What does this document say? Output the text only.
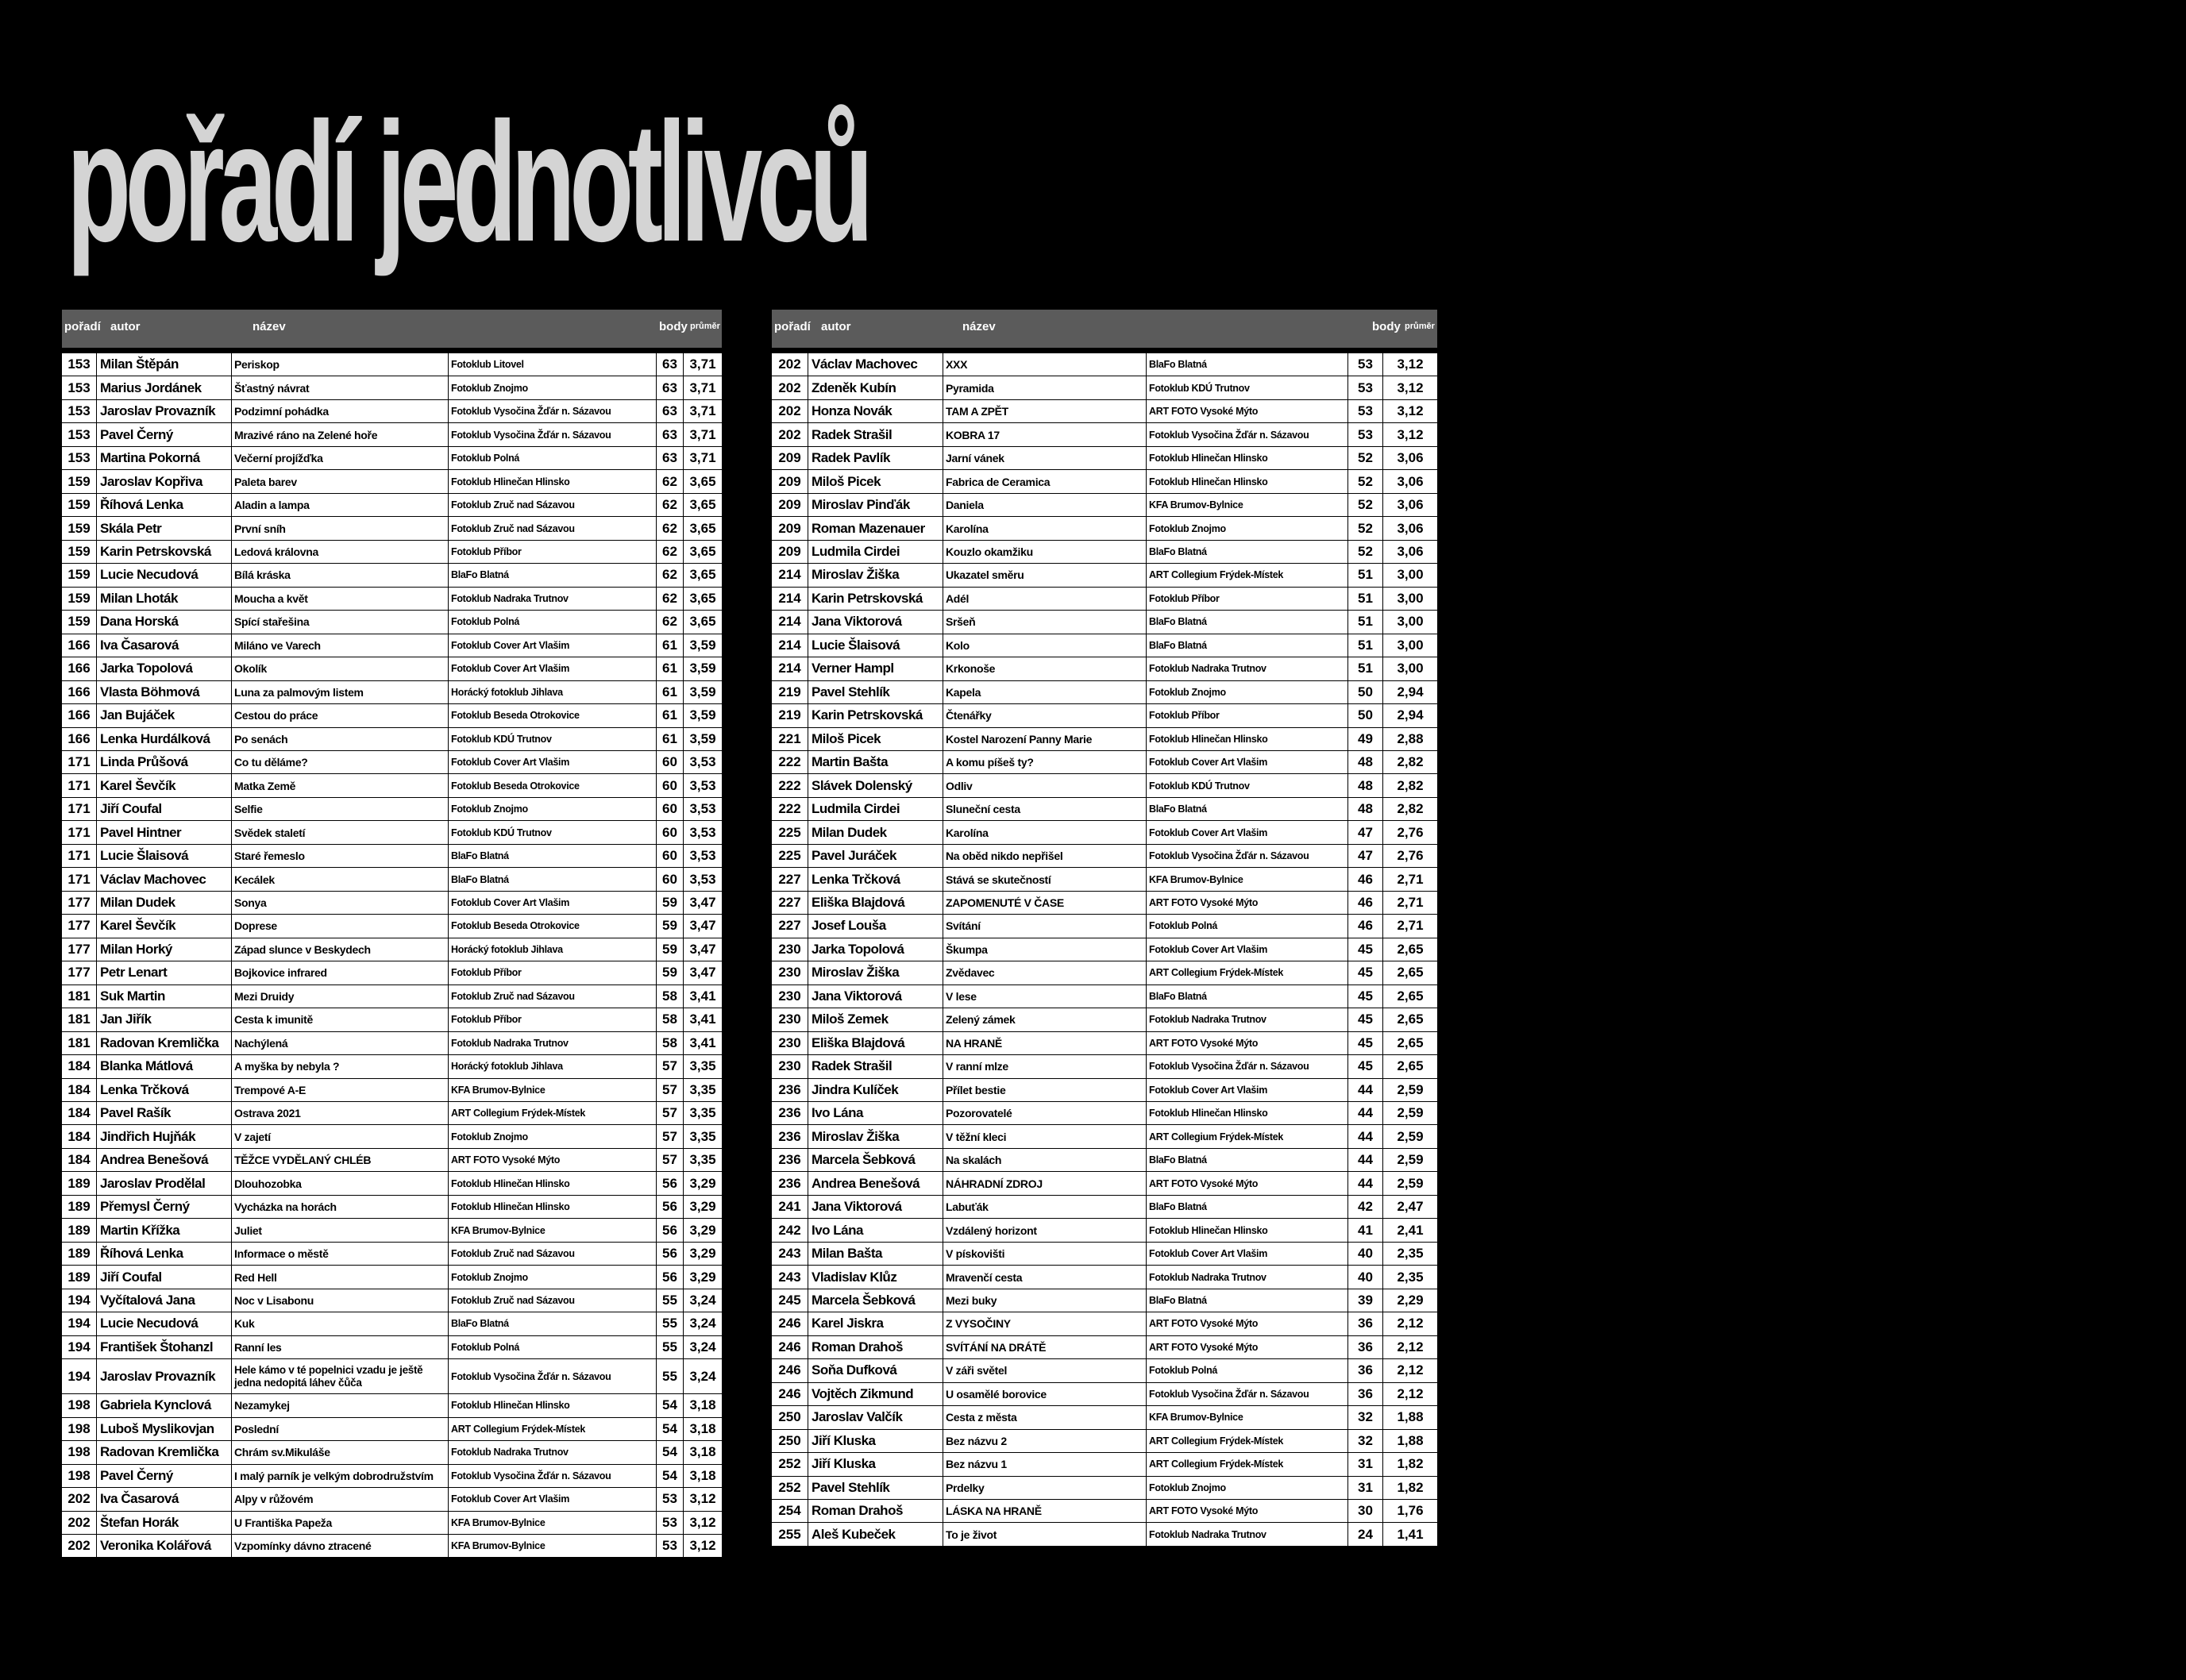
pořadí jednotlivců
pořadí autor	název	body průměr
153 Milan Štěpán	Periskop	Fotoklub Litovel	63 3,71
153 Marius Jordánek	Šťastný návrat	Fotoklub Znojmo	63 3,71
153 Jaroslav Provazník	Podzimní pohádka	Fotoklub Vysočina Žďár n. Sázavou	63 3,71
153 Pavel Černý	Mrazivé ráno na Zelené hoře	Fotoklub Vysočina Žďár n. Sázavou	63 3,71
153 Martina Pokorná	Večerní projížďka	Fotoklub Polná	63 3,71
159 Jaroslav Kopřiva	Paleta barev	Fotoklub Hlinečan Hlinsko	62 3,65
159 Říhová Lenka	Aladin a lampa	Fotoklub Zruč nad Sázavou	62 3,65
159 Skála Petr	První sníh	Fotoklub Zruč nad Sázavou	62 3,65
159 Karin Petrskovská	Ledová královna	Fotoklub Příbor	62 3,65
159 Lucie Necudová	Bílá kráska	BlaFo Blatná	62 3,65
159 Milan Lhoták	Moucha a květ	Fotoklub Nadraka Trutnov	62 3,65
159 Dana Horská	Spící stařešina	Fotoklub Polná	62 3,65
166 Iva Časarová	Miláno ve Varech	Fotoklub Cover Art Vlašim	61 3,59
166 Jarka Topolová	Okolík	Fotoklub Cover Art Vlašim	61 3,59
166 Vlasta Böhmová	Luna za palmovým listem	Horácký fotoklub Jihlava	61 3,59
166 Jan Bujáček	Cestou do práce	Fotoklub Beseda Otrokovice	61 3,59
166 Lenka Hurdálková	Po senách	Fotoklub KDÚ Trutnov	61 3,59
171 Linda Průšová	Co tu děláme?	Fotoklub Cover Art Vlašim	60 3,53
171 Karel Ševčík	Matka Země	Fotoklub Beseda Otrokovice	60 3,53
171 Jiří Coufal	Selfie	Fotoklub Znojmo	60 3,53
171 Pavel Hintner	Svědek staletí	Fotoklub KDÚ Trutnov	60 3,53
171 Lucie Šlaisová	Staré řemeslo	BlaFo Blatná	60 3,53
171 Václav Machovec	Kecálek	BlaFo Blatná	60 3,53
177 Milan Dudek	Sonya	Fotoklub Cover Art Vlašim	59 3,47
177 Karel Ševčík	Doprese	Fotoklub Beseda Otrokovice	59 3,47
177 Milan Horký	Západ slunce v Beskydech	Horácký fotoklub Jihlava	59 3,47
177 Petr Lenart	Bojkovice infrared	Fotoklub Příbor	59 3,47
181 Suk Martin	Mezi Druidy	Fotoklub Zruč nad Sázavou	58 3,41
181 Jan Jiřík	Cesta k imunitě	Fotoklub Příbor	58 3,41
181 Radovan Kremlička	Nachýlená	Fotoklub Nadraka Trutnov	58 3,41
184 Blanka Mátlová	A myška by nebyla ?	Horácký fotoklub Jihlava	57 3,35
184 Lenka Trčková	Trempové A-E	KFA Brumov-Bylnice	57 3,35
184 Pavel Rašík	Ostrava 2021	ART Collegium Frýdek-Místek	57 3,35
184 Jindřich Hujňák	V zajetí	Fotoklub Znojmo	57 3,35
184 Andrea Benešová	TĚŽCE VYDĚLANÝ CHLÉB	ART FOTO Vysoké Mýto	57 3,35
189 Jaroslav Prodělal	Dlouhozobka	Fotoklub Hlinečan Hlinsko	56 3,29
189 Přemysl Černý	Vycházka na horách	Fotoklub Hlinečan Hlinsko	56 3,29
189 Martin Křížka	Juliet	KFA Brumov-Bylnice	56 3,29
189 Říhová Lenka	Informace o městě	Fotoklub Zruč nad Sázavou	56 3,29
189 Jiří Coufal	Red Hell	Fotoklub Znojmo	56 3,29
194 Vyčítalová Jana	Noc v Lisabonu	Fotoklub Zruč nad Sázavou	55 3,24
194 Lucie Necudová	Kuk	BlaFo Blatná	55 3,24
194 František Štohanzl	Ranní les	Fotoklub Polná	55 3,24
194 Jaroslav Provazník	Hele kámo v té popelnici vzadu je ještě jedna nedopitá láhev čůča	Fotoklub Vysočina Žďár n. Sázavou	55 3,24
198 Gabriela Kynclová	Nezamykej	Fotoklub Hlinečan Hlinsko	54 3,18
198 Luboš Myslikovjan	Poslední	ART Collegium Frýdek-Místek	54 3,18
198 Radovan Kremlička	Chrám sv.Mikuláše	Fotoklub Nadraka Trutnov	54 3,18
198 Pavel Černý	I malý parník je velkým dobrodružstvím	Fotoklub Vysočina Žďár n. Sázavou	54 3,18
202 Iva Časarová	Alpy v růžovém	Fotoklub Cover Art Vlašim	53 3,12
202 Štefan Horák	U Františka Papeža	KFA Brumov-Bylnice	53 3,12
202 Veronika Kolářová	Vzpomínky dávno ztracené	KFA Brumov-Bylnice	53 3,12
pořadí autor	název	body průměr
202 Václav Machovec	XXX	BlaFo Blatná	53	3,12
202 Zdeněk Kubín	Pyramida	Fotoklub KDÚ Trutnov	53	3,12
202 Honza Novák	TAM A ZPĚT	ART FOTO Vysoké Mýto	53	3,12
202 Radek Strašil	KOBRA 17	Fotoklub Vysočina Žďár n. Sázavou	53	3,12
209 Radek Pavlík	Jarní vánek	Fotoklub Hlinečan Hlinsko	52	3,06
209 Miloš Picek	Fabrica de Ceramica	Fotoklub Hlinečan Hlinsko	52	3,06
209 Miroslav Pinďák	Daniela	KFA Brumov-Bylnice	52	3,06
209 Roman Mazenauer	Karolína	Fotoklub Znojmo	52	3,06
209 Ludmila Cirdei	Kouzlo okamžiku	BlaFo Blatná	52	3,06
214 Miroslav Žiška	Ukazatel směru	ART Collegium Frýdek-Místek	51	3,00
214 Karin Petrskovská	Adél	Fotoklub Příbor	51	3,00
214 Jana Viktorová	Sršeň	BlaFo Blatná	51	3,00
214 Lucie Šlaisová	Kolo	BlaFo Blatná	51	3,00
214 Verner Hampl	Krkonoše	Fotoklub Nadraka Trutnov	51	3,00
219 Pavel Stehlík	Kapela	Fotoklub Znojmo	50	2,94
219 Karin Petrskovská	Čtenářky	Fotoklub Příbor	50	2,94
221 Miloš Picek	Kostel Narození Panny Marie	Fotoklub Hlinečan Hlinsko	49	2,88
222 Martin Bašta	A komu píšeš ty?	Fotoklub Cover Art Vlašim	48	2,82
222 Slávek Dolenský	Odliv	Fotoklub KDÚ Trutnov	48	2,82
222 Ludmila Cirdei	Sluneční cesta	BlaFo Blatná	48	2,82
225 Milan Dudek	Karolína	Fotoklub Cover Art Vlašim	47	2,76
225 Pavel Juráček	Na oběd nikdo nepřišel	Fotoklub Vysočina Žďár n. Sázavou	47	2,76
227 Lenka Trčková	Stává se skutečností	KFA Brumov-Bylnice	46	2,71
227 Eliška Blajdová	ZAPOMENUTÉ V ČASE	ART FOTO Vysoké Mýto	46	2,71
227 Josef Louša	Svítání	Fotoklub Polná	46	2,71
230 Jarka Topolová	Škumpa	Fotoklub Cover Art Vlašim	45	2,65
230 Miroslav Žiška	Zvědavec	ART Collegium Frýdek-Místek	45	2,65
230 Jana Viktorová	V lese	BlaFo Blatná	45	2,65
230 Miloš Zemek	Zelený zámek	Fotoklub Nadraka Trutnov	45	2,65
230 Eliška Blajdová	NA HRANĚ	ART FOTO Vysoké Mýto	45	2,65
230 Radek Strašil	V ranní mlze	Fotoklub Vysočina Žďár n. Sázavou	45	2,65
236 Jindra Kulíček	Přílet bestie	Fotoklub Cover Art Vlašim	44	2,59
236 Ivo Lána	Pozorovatelé	Fotoklub Hlinečan Hlinsko	44	2,59
236 Miroslav Žiška	V těžní kleci	ART Collegium Frýdek-Místek	44	2,59
236 Marcela Šebková	Na skalách	BlaFo Blatná	44	2,59
236 Andrea Benešová	NÁHRADNÍ ZDROJ	ART FOTO Vysoké Mýto	44	2,59
241 Jana Viktorová	Labuťák	BlaFo Blatná	42	2,47
242 Ivo Lána	Vzdálený horizont	Fotoklub Hlinečan Hlinsko	41	2,41
243 Milan Bašta	V pískovišti	Fotoklub Cover Art Vlašim	40	2,35
243 Vladislav Klůz	Mravenčí cesta	Fotoklub Nadraka Trutnov	40	2,35
245 Marcela Šebková	Mezi buky	BlaFo Blatná	39	2,29
246 Karel Jiskra	Z VYSOČINY	ART FOTO Vysoké Mýto	36	2,12
246 Roman Drahoš	SVÍTÁNÍ NA DRÁTĚ	ART FOTO Vysoké Mýto	36	2,12
246 Soňa Dufková	V záři světel	Fotoklub Polná	36	2,12
246 Vojtěch Zikmund	U osamělé borovice	Fotoklub Vysočina Žďár n. Sázavou	36	2,12
250 Jaroslav Valčík	Cesta z města	KFA Brumov-Bylnice	32	1,88
250 Jiří Kluska	Bez názvu 2	ART Collegium Frýdek-Místek	32	1,88
252 Jiří Kluska	Bez názvu 1	ART Collegium Frýdek-Místek	31	1,82
252 Pavel Stehlík	Prdelky	Fotoklub Znojmo	31	1,82
254 Roman Drahoš	LÁSKA NA HRANĚ	ART FOTO Vysoké Mýto	30	1,76
255 Aleš Kubeček	To je život	Fotoklub Nadraka Trutnov	24	1,41
